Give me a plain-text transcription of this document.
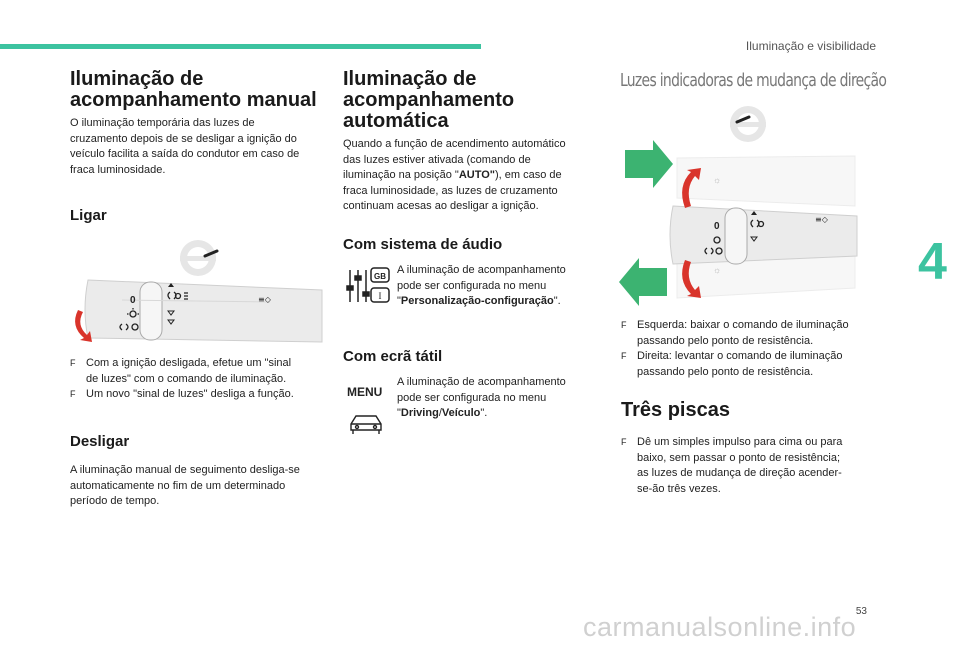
Iluminação e visibilidade
Iluminação de
acompanhamento manual

O iluminação temporária das luzes de

cruzamento depois de se desligar a ignição do

veículo facilita a saída do condutor em caso de

fraca luminosidade.

Ligar
0	≡◇

F Com a ignição desligada, efetue um "sinal

de luzes" com o comando de iluminação.

F Um novo "sinal de luzes" desliga a função.

Desligar

A iluminação manual de seguimento desliga-se

automaticamente no fim de um determinado

período de tempo.

Iluminação de
acompanhamento
automática

Quando a função de acendimento automático

das luzes estiver ativada (comando de

iluminação na posição "AUTO"), em caso de

fraca luminosidade, as luzes de cruzamento

continuam acesas ao desligar a ignição.

Com sistema de áudio
GB
I

A iluminação de acompanhamento

pode ser configurada no menu

"Personalização-configuração".

Com ecrã tátil
MENU

A iluminação de acompanhamento

pode ser configurada no menu

"Driving/Veículo".

Luzes indicadoras de mudança de direção
☼
☼
0
≡◇

F Esquerda: baixar o comando de iluminação

passando pelo ponto de resistência.

F Direita: levantar o comando de iluminação

passando pelo ponto de resistência.

Três piscas

F Dê um simples impulso para cima ou para

baixo, sem passar o ponto de resistência;

as luzes de mudança de direção acender-

se-ão três vezes.

4
53
carmanualsonline.info
